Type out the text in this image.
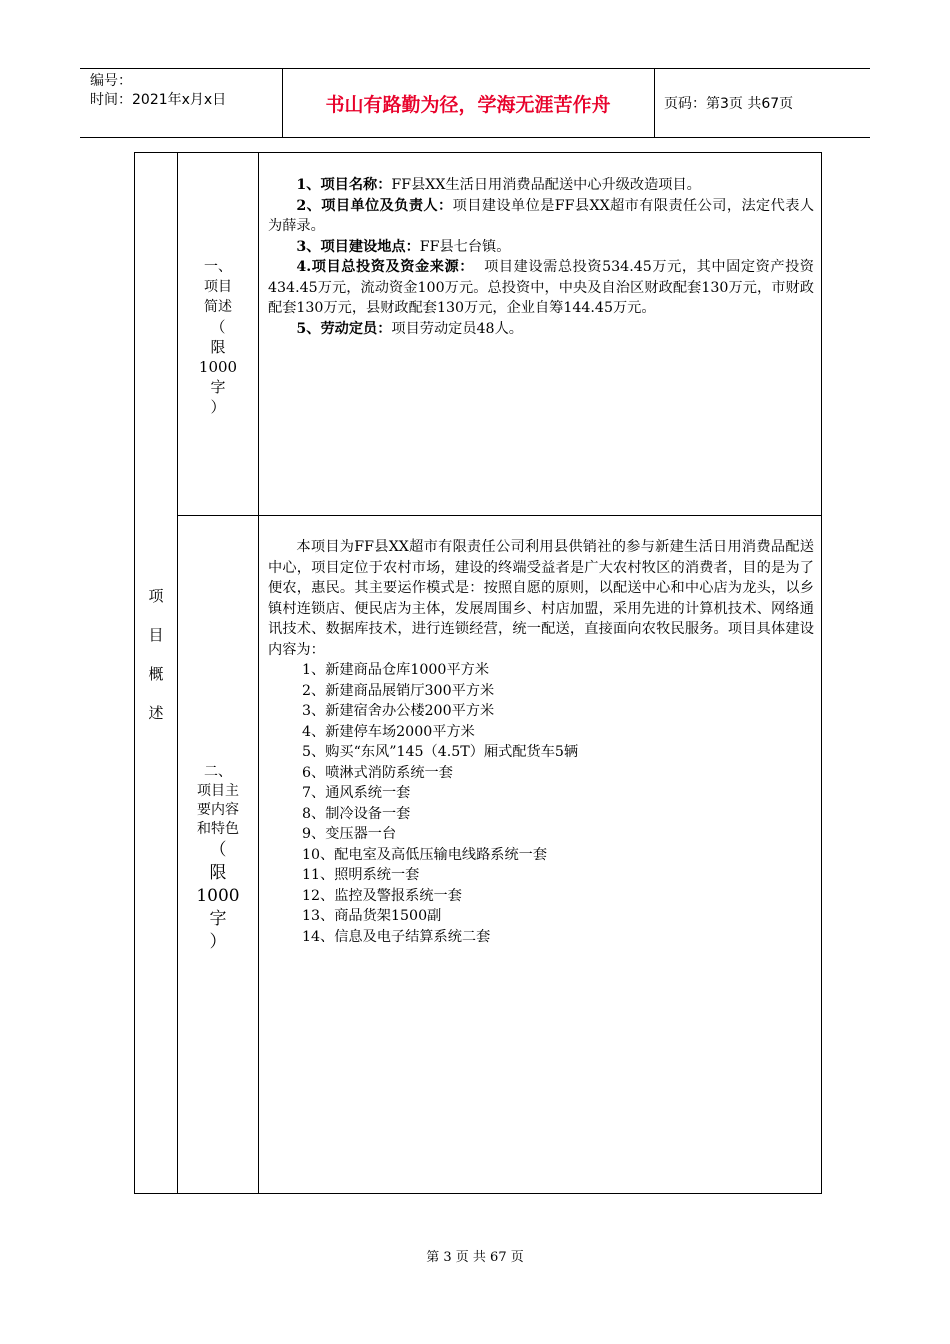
编号：
时间：2021年x月x日	书山有路勤为径，学海无涯苦作舟	页码：第3页 共67页
项
目
概
述
一、
项目
简述
（
限
1000
字
）

1、项目名称：FF县XX生活日用消费品配送中心升级改造项目。

2、项目单位及负责人：项目建设单位是FF县XX超市有限责任公司，法定代表人为薛录。

3、项目建设地点：FF县七台镇。

4.项目总投资及资金来源：  项目建设需总投资534.45万元，其中固定资产投资434.45万元，流动资金100万元。总投资中，中央及自治区财政配套130万元，市财政配套130万元，县财政配套130万元，企业自筹144.45万元。

5、劳动定员：项目劳动定员48人。

二、
项目主
要内容
和特色
（
限
1000
字
）

本项目为FF县XX超市有限责任公司利用县供销社的参与新建生活日用消费品配送中心，项目定位于农村市场，建设的终端受益者是广大农村牧区的消费者，目的是为了便农，惠民。其主要运作模式是：按照自愿的原则，以配送中心和中心店为龙头，以乡镇村连锁店、便民店为主体，发展周围乡、村店加盟，采用先进的计算机技术、网络通讯技术、数据库技术，进行连锁经营，统一配送，直接面向农牧民服务。项目具体建设内容为：

1、新建商品仓库1000平方米
2、新建商品展销厅300平方米
3、新建宿舍办公楼200平方米
4、新建停车场2000平方米
5、购买“东风”145（4.5T）厢式配货车5辆
6、喷淋式消防系统一套
7、通风系统一套
8、制冷设备一套
9、变压器一台
10、配电室及高低压输电线路系统一套
11、照明系统一套
12、监控及警报系统一套
13、商品货架1500副
14、信息及电子结算系统二套
第 3 页 共 67 页
